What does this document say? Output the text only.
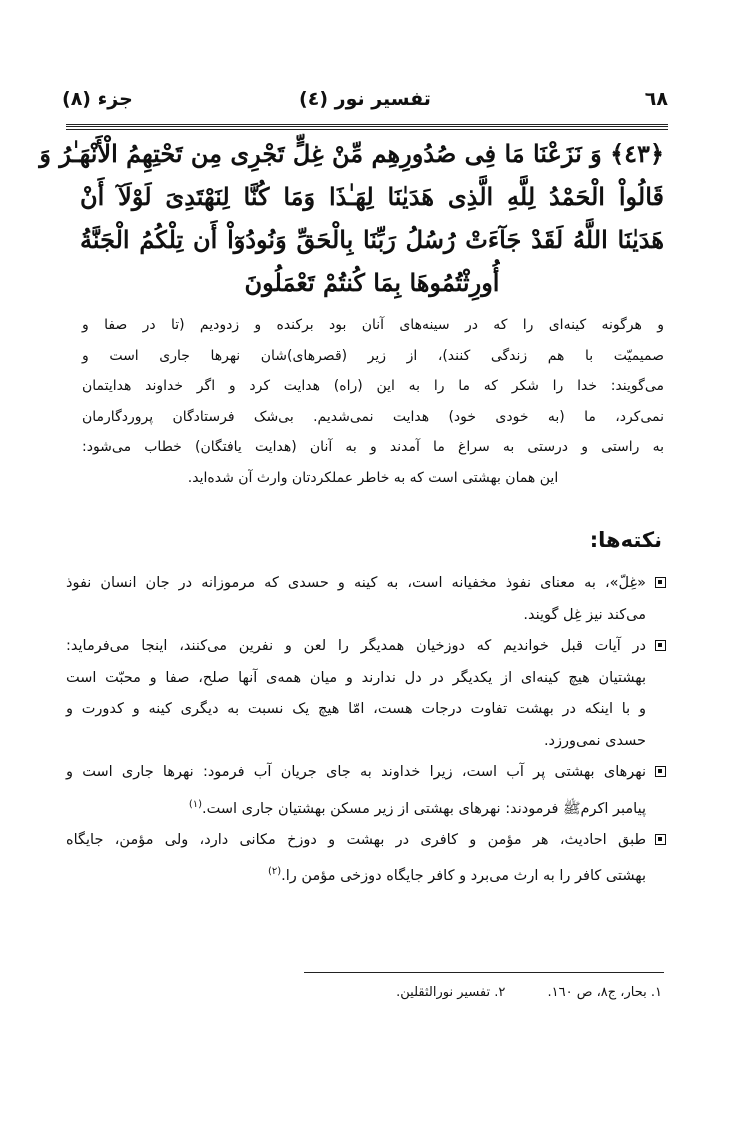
٦٨
تفسیر نور (٤)
جزء (٨)
﴿٤٣﴾ وَ نَزَعْنَا مَا فِى صُدُورِهِم مِّنْ غِلٍّ تَجْرِى مِن تَحْتِهِمُ الْأَنْهَـٰرُ وَ
قَالُواْ الْحَمْدُ لِلَّهِ الَّذِى هَدَيٰنَا لِهَـٰذَا وَمَا كُنَّا لِنَهْتَدِىَ لَوْلَآ أَنْ
هَدَيٰنَا اللَّهُ لَقَدْ جَآءَتْ رُسُلُ رَبِّنَا بِالْحَقِّ وَنُودُوٓاْ أَن تِلْكُمُ الْجَنَّةُ
أُورِثْتُمُوهَا بِمَا كُنتُمْ تَعْمَلُونَ
و هرگونه کینه‌ای را که در سینه‌های آنان بود برکنده و زدودیم (تا در صفا و
صمیمیّت با هم زندگی کنند)، از زیر (قصرهای)شان نهرها جاری است و
می‌گویند: خدا را شکر که ما را به این (راه) هدایت کرد و اگر خداوند هدایتمان
نمی‌کرد، ما (به خودی خود) هدایت نمی‌شدیم. بی‌شک فرستادگان پروردگارمان
به راستی و درستی به سراغ ما آمدند و به آنان (هدایت یافتگان) خطاب می‌شود:
این همان بهشتی است که به خاطر عملکردتان وارث آن شده‌اید.
نکته‌ها:
«غِلّ»، به معنای نفوذ مخفیانه است، به کینه و حسدی که مرموزانه در جان انسان نفوذ
می‌کند نیز غِل گویند.
در آیات قبل خواندیم که دوزخیان همدیگر را لعن و نفرین می‌کنند، اینجا می‌فرماید:
بهشتیان هیچ کینه‌ای از یکدیگر در دل ندارند و میان همه‌ی آنها صلح، صفا و محبّت است
و با اینکه در بهشت تفاوت درجات هست، امّا هیچ یک نسبت به دیگری کینه و کدورت و
حسدی نمی‌ورزد.
نهرهای بهشتی پر آب است، زیرا خداوند به جای جریان آب فرمود: نهرها جاری است و
پیامبر اکرمﷺ فرمودند: نهرهای بهشتی از زیر مسکن بهشتیان جاری است.$^{(١)}$
طبق احادیث، هر مؤمن و کافری در بهشت و دوزخ مکانی دارد، ولی مؤمن، جایگاه
بهشتی کافر را به ارث می‌برد و کافر جایگاه دوزخی مؤمن را.$^{(٢)}$
١. بحار، ج٨، ص ١٦٠. ٢. تفسیر نورالثقلین.
